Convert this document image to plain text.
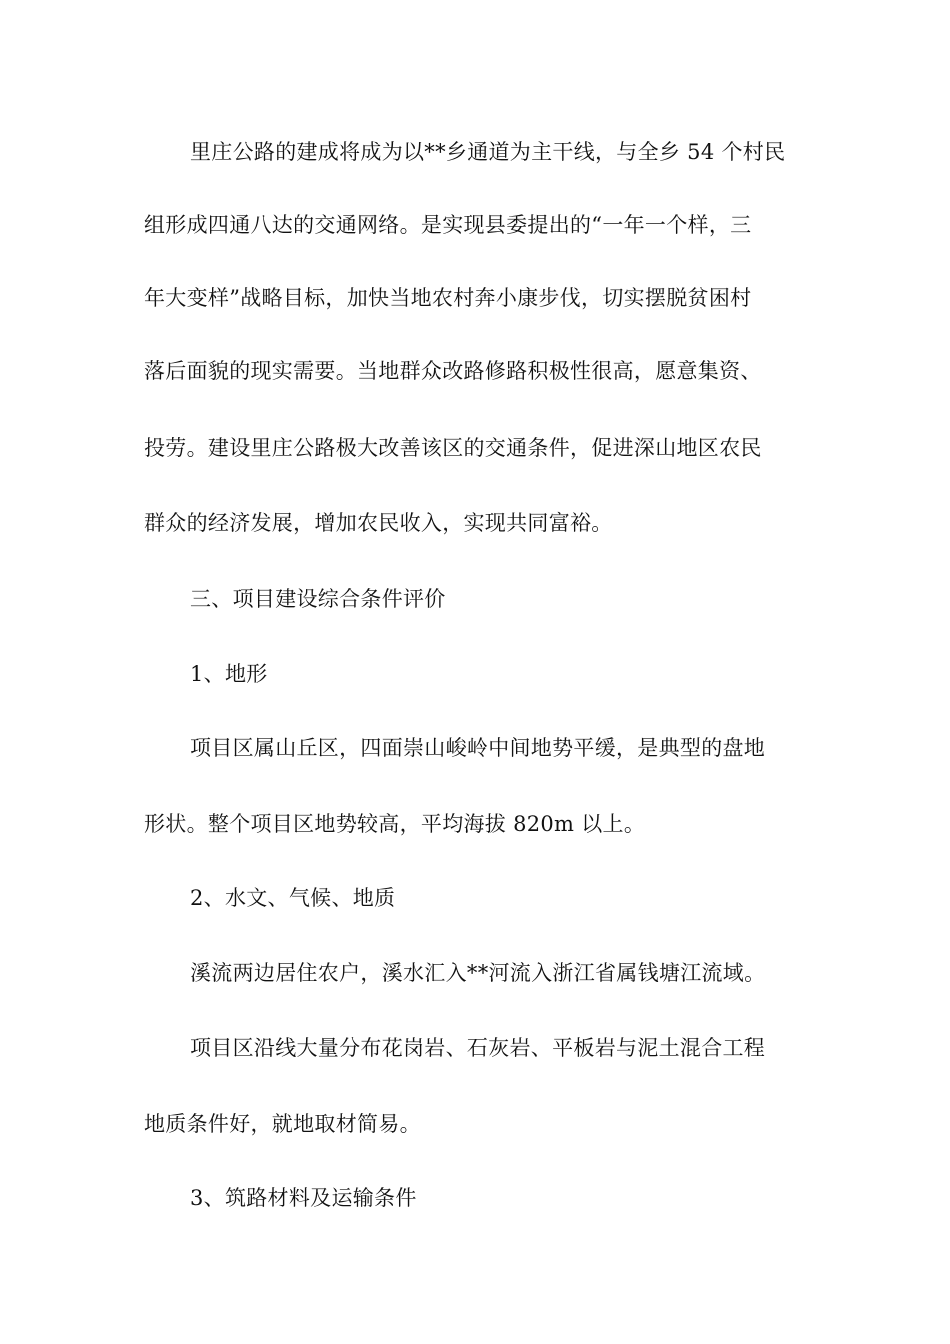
里庄公路的建成将成为以**乡通道为主干线，与全乡 54 个村民
组形成四通八达的交通网络。是实现县委提出的“一年一个样，三
年大变样”战略目标，加快当地农村奔小康步伐，切实摆脱贫困村
落后面貌的现实需要。当地群众改路修路积极性很高，愿意集资、
投劳。建设里庄公路极大改善该区的交通条件，促进深山地区农民
群众的经济发展，增加农民收入，实现共同富裕。
三、项目建设综合条件评价
1、地形
项目区属山丘区，四面崇山峻岭中间地势平缓，是典型的盘地
形状。整个项目区地势较高，平均海拔 820m 以上。
2、水文、气候、地质
溪流两边居住农户，溪水汇入**河流入浙江省属钱塘江流域。
项目区沿线大量分布花岗岩、石灰岩、平板岩与泥土混合工程
地质条件好，就地取材简易。
3、筑路材料及运输条件
